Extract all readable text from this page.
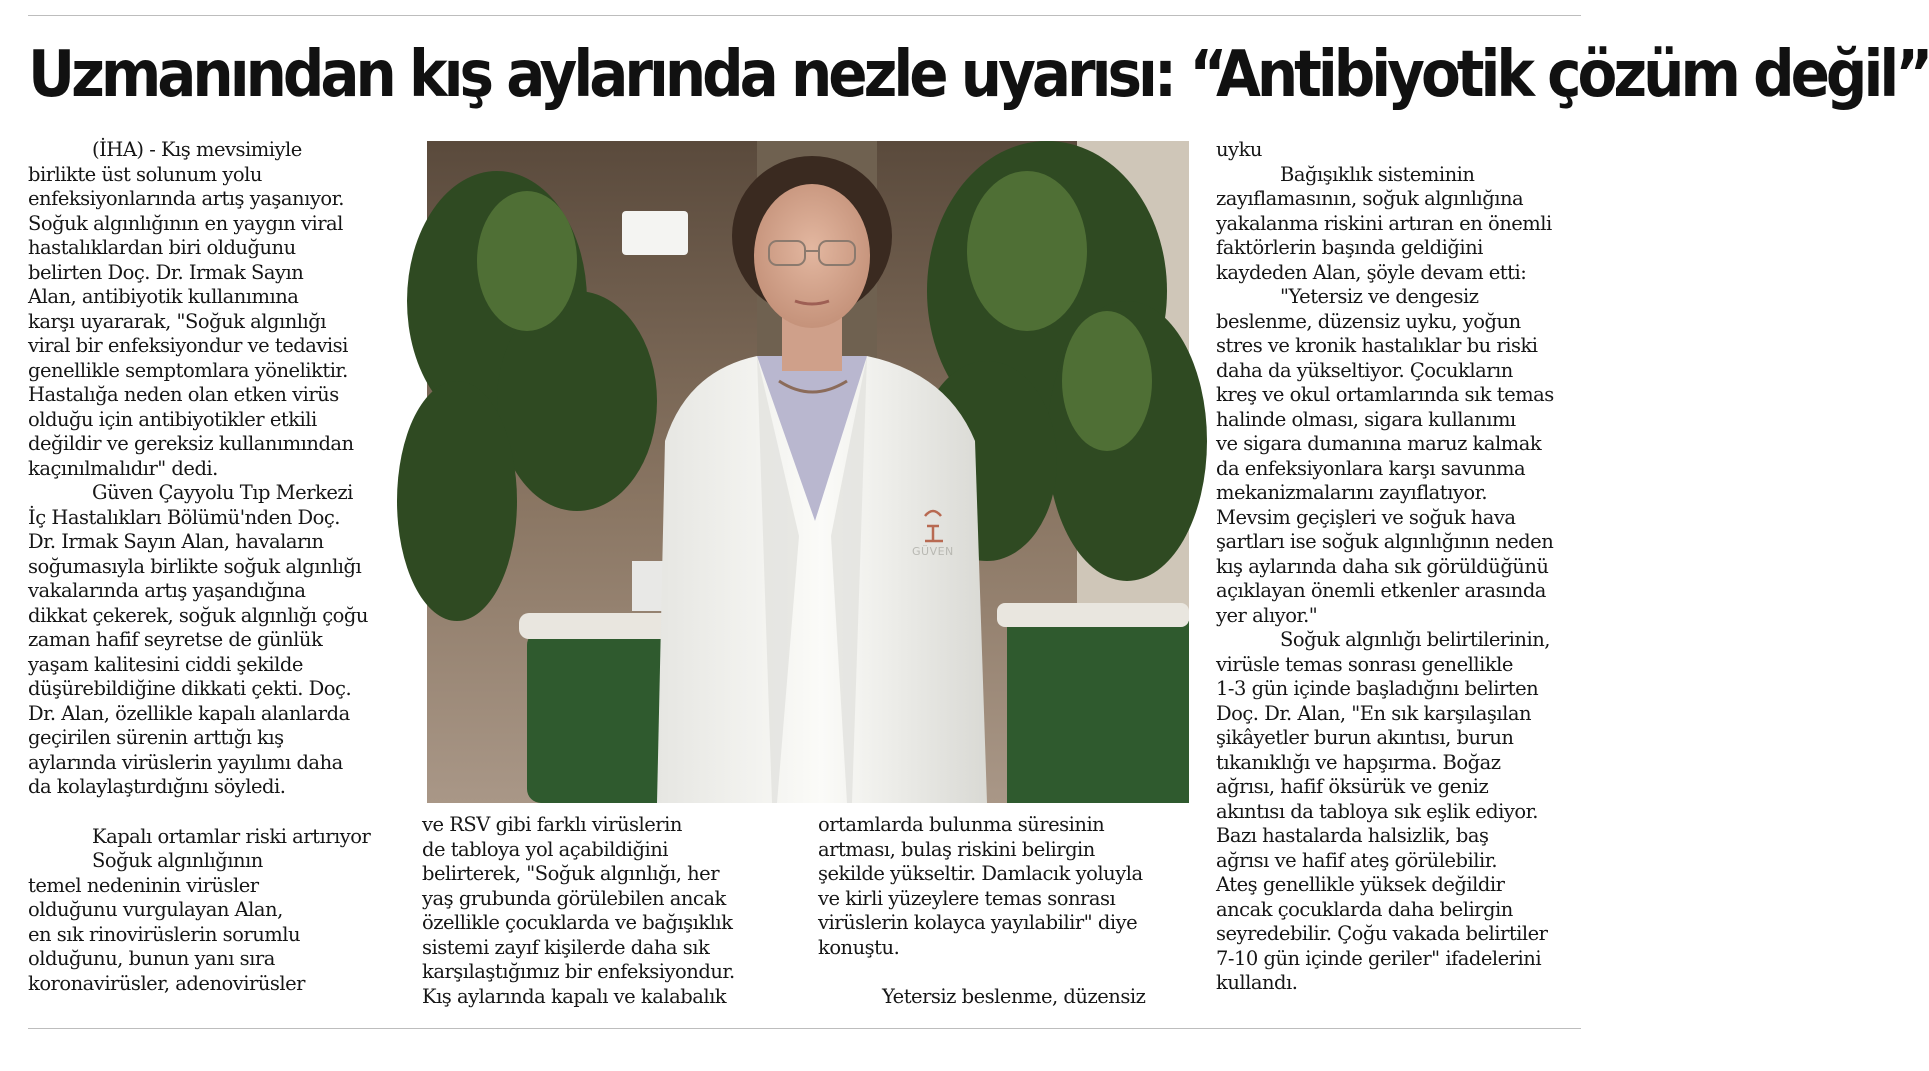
Uzmanından kış aylarında nezle uyarısı: “Antibiyotik çözüm değil”

(İHA) - Kış mevsimiyle

birlikte üst solunum yolu

enfeksiyonlarında artış yaşanıyor.

Soğuk algınlığının en yaygın viral

hastalıklardan biri olduğunu

belirten Doç. Dr. Irmak Sayın

Alan, antibiyotik kullanımına

karşı uyararak, "Soğuk algınlığı

viral bir enfeksiyondur ve tedavisi

genellikle semptomlara yöneliktir.

Hastalığa neden olan etken virüs

olduğu için antibiyotikler etkili

değildir ve gereksiz kullanımından

kaçınılmalıdır" dedi.

Güven Çayyolu Tıp Merkezi

İç Hastalıkları Bölümü'nden Doç.

Dr. Irmak Sayın Alan, havaların

soğumasıyla birlikte soğuk algınlığı

vakalarında artış yaşandığına

dikkat çekerek, soğuk algınlığı çoğu

zaman hafif seyretse de günlük

yaşam kalitesini ciddi şekilde

düşürebildiğine dikkati çekti. Doç.

Dr. Alan, özellikle kapalı alanlarda

geçirilen sürenin arttığı kış

aylarında virüslerin yayılımı daha

da kolaylaştırdığını söyledi.

Kapalı ortamlar riski artırıyor

Soğuk algınlığının

temel nedeninin virüsler

olduğunu vurgulayan Alan,

en sık rinovirüslerin sorumlu

olduğunu, bunun yanı sıra

koronavirüsler, adenovirüsler

GÜVEN

ve RSV gibi farklı virüslerin

de tabloya yol açabildiğini

belirterek, "Soğuk algınlığı, her

yaş grubunda görülebilen ancak

özellikle çocuklarda ve bağışıklık

sistemi zayıf kişilerde daha sık

karşılaştığımız bir enfeksiyondur.

Kış aylarında kapalı ve kalabalık

ortamlarda bulunma süresinin

artması, bulaş riskini belirgin

şekilde yükseltir. Damlacık yoluyla

ve kirli yüzeylere temas sonrası

virüslerin kolayca yayılabilir" diye

konuştu.

Yetersiz beslenme, düzensiz

uyku

Bağışıklık sisteminin

zayıflamasının, soğuk algınlığına

yakalanma riskini artıran en önemli

faktörlerin başında geldiğini

kaydeden Alan, şöyle devam etti:

"Yetersiz ve dengesiz

beslenme, düzensiz uyku, yoğun

stres ve kronik hastalıklar bu riski

daha da yükseltiyor. Çocukların

kreş ve okul ortamlarında sık temas

halinde olması, sigara kullanımı

ve sigara dumanına maruz kalmak

da enfeksiyonlara karşı savunma

mekanizmalarını zayıflatıyor.

Mevsim geçişleri ve soğuk hava

şartları ise soğuk algınlığının neden

kış aylarında daha sık görüldüğünü

açıklayan önemli etkenler arasında

yer alıyor."

Soğuk algınlığı belirtilerinin,

virüsle temas sonrası genellikle

1-3 gün içinde başladığını belirten

Doç. Dr. Alan, "En sık karşılaşılan

şikâyetler burun akıntısı, burun

tıkanıklığı ve hapşırma. Boğaz

ağrısı, hafif öksürük ve geniz

akıntısı da tabloya sık eşlik ediyor.

Bazı hastalarda halsizlik, baş

ağrısı ve hafif ateş görülebilir.

Ateş genellikle yüksek değildir

ancak çocuklarda daha belirgin

seyredebilir. Çoğu vakada belirtiler

7-10 gün içinde geriler" ifadelerini

kullandı.
